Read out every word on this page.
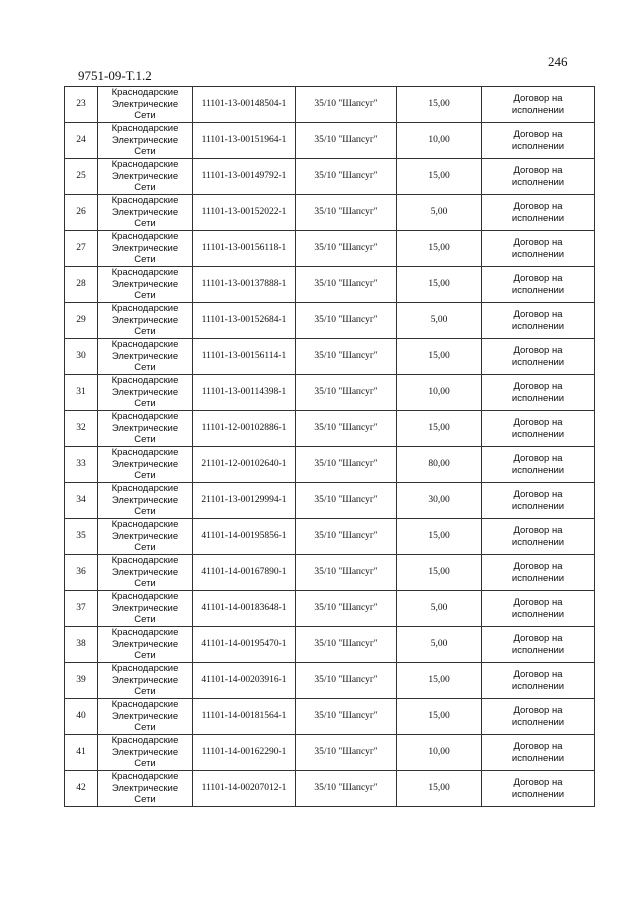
246
9751-09-Т.1.2
23	Краснодарские
Электрические
Сети	11101-13-00148504-1	35/10 "Шапсуг"	15,00	Договор на
исполнении

24	Краснодарские
Электрические
Сети	11101-13-00151964-1	35/10 "Шапсуг"	10,00	Договор на
исполнении

25	Краснодарские
Электрические
Сети	11101-13-00149792-1	35/10 "Шапсуг"	15,00	Договор на
исполнении

26	Краснодарские
Электрические
Сети	11101-13-00152022-1	35/10 "Шапсуг"	5,00	Договор на
исполнении

27	Краснодарские
Электрические
Сети	11101-13-00156118-1	35/10 "Шапсуг"	15,00	Договор на
исполнении

28	Краснодарские
Электрические
Сети	11101-13-00137888-1	35/10 "Шапсуг"	15,00	Договор на
исполнении

29	Краснодарские
Электрические
Сети	11101-13-00152684-1	35/10 "Шапсуг"	5,00	Договор на
исполнении

30	Краснодарские
Электрические
Сети	11101-13-00156114-1	35/10 "Шапсуг"	15,00	Договор на
исполнении

31	Краснодарские
Электрические
Сети	11101-13-00114398-1	35/10 "Шапсуг"	10,00	Договор на
исполнении

32	Краснодарские
Электрические
Сети	11101-12-00102886-1	35/10 "Шапсуг"	15,00	Договор на
исполнении

33	Краснодарские
Электрические
Сети	21101-12-00102640-1	35/10 "Шапсуг"	80,00	Договор на
исполнении

34	Краснодарские
Электрические
Сети	21101-13-00129994-1	35/10 "Шапсуг"	30,00	Договор на
исполнении

35	Краснодарские
Электрические
Сети	41101-14-00195856-1	35/10 "Шапсуг"	15,00	Договор на
исполнении

36	Краснодарские
Электрические
Сети	41101-14-00167890-1	35/10 "Шапсуг"	15,00	Договор на
исполнении

37	Краснодарские
Электрические
Сети	41101-14-00183648-1	35/10 "Шапсуг"	5,00	Договор на
исполнении

38	Краснодарские
Электрические
Сети	41101-14-00195470-1	35/10 "Шапсуг"	5,00	Договор на
исполнении

39	Краснодарские
Электрические
Сети	41101-14-00203916-1	35/10 "Шапсуг"	15,00	Договор на
исполнении

40	Краснодарские
Электрические
Сети	11101-14-00181564-1	35/10 "Шапсуг"	15,00	Договор на
исполнении

41	Краснодарские
Электрические
Сети	11101-14-00162290-1	35/10 "Шапсуг"	10,00	Договор на
исполнении

42	Краснодарские
Электрические
Сети	11101-14-00207012-1	35/10 "Шапсуг"	15,00	Договор на
исполнении
